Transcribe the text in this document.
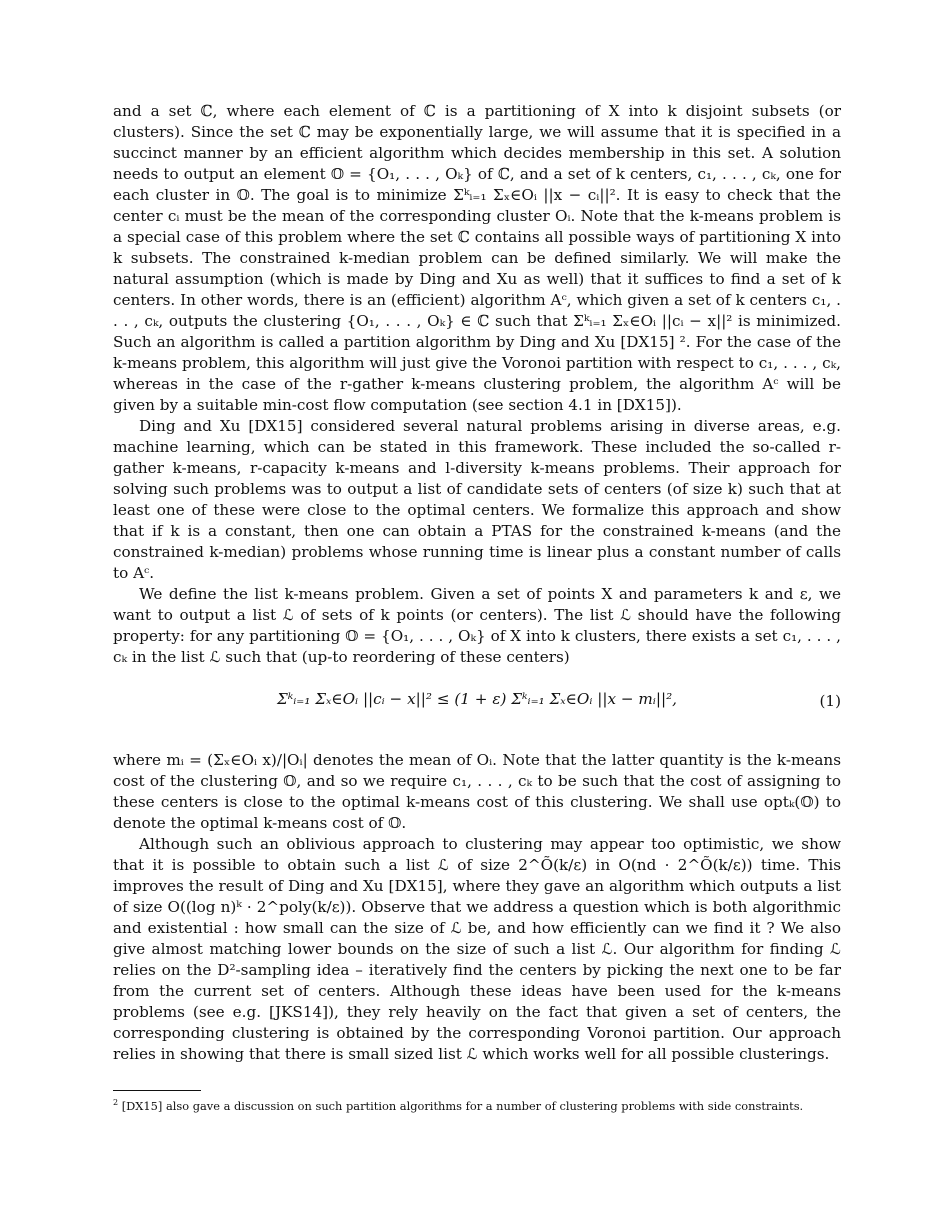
and a set ℂ, where each element of ℂ is a partitioning of X into k disjoint subsets (or clusters). Since the set ℂ may be exponentially large, we will assume that it is specified in a succinct manner by an efficient algorithm which decides membership in this set. A solution needs to output an element 𝕆 = {O₁, . . . , Oₖ} of ℂ, and a set of k centers, c₁, . . . , cₖ, one for each cluster in 𝕆. The goal is to minimize Σᵏᵢ₌₁ Σₓ∈Oᵢ ||x − cᵢ||². It is easy to check that the center cᵢ must be the mean of the corresponding cluster Oᵢ. Note that the k-means problem is a special case of this problem where the set ℂ contains all possible ways of partitioning X into k subsets. The constrained k-median problem can be defined similarly. We will make the natural assumption (which is made by Ding and Xu as well) that it suffices to find a set of k centers. In other words, there is an (efficient) algorithm Aᶜ, which given a set of k centers c₁, . . . , cₖ, outputs the clustering {O₁, . . . , Oₖ} ∈ ℂ such that Σᵏᵢ₌₁ Σₓ∈Oᵢ ||cᵢ − x||² is minimized. Such an algorithm is called a partition algorithm by Ding and Xu [DX15] ². For the case of the k-means problem, this algorithm will just give the Voronoi partition with respect to c₁, . . . , cₖ, whereas in the case of the r-gather k-means clustering problem, the algorithm Aᶜ will be given by a suitable min-cost flow computation (see section 4.1 in [DX15]).

Ding and Xu [DX15] considered several natural problems arising in diverse areas, e.g. machine learning, which can be stated in this framework. These included the so-called r-gather k-means, r-capacity k-means and l-diversity k-means problems. Their approach for solving such problems was to output a list of candidate sets of centers (of size k) such that at least one of these were close to the optimal centers. We formalize this approach and show that if k is a constant, then one can obtain a PTAS for the constrained k-means (and the constrained k-median) problems whose running time is linear plus a constant number of calls to Aᶜ.

We define the list k-means problem. Given a set of points X and parameters k and ε, we want to output a list ℒ of sets of k points (or centers). The list ℒ should have the following property: for any partitioning 𝕆 = {O₁, . . . , Oₖ} of X into k clusters, there exists a set c₁, . . . , cₖ in the list ℒ such that (up-to reordering of these centers)

Σᵏᵢ₌₁ Σₓ∈Oᵢ ||cᵢ − x||² ≤ (1 + ε) Σᵏᵢ₌₁ Σₓ∈Oᵢ ||x − mᵢ||²,	(1)

where mᵢ = (Σₓ∈Oᵢ x)/|Oᵢ| denotes the mean of Oᵢ. Note that the latter quantity is the k-means cost of the clustering 𝕆, and so we require c₁, . . . , cₖ to be such that the cost of assigning to these centers is close to the optimal k-means cost of this clustering. We shall use optₖ(𝕆) to denote the optimal k-means cost of 𝕆.

Although such an oblivious approach to clustering may appear too optimistic, we show that it is possible to obtain such a list ℒ of size 2^Õ(k/ε) in O(nd · 2^Õ(k/ε)) time. This improves the result of Ding and Xu [DX15], where they gave an algorithm which outputs a list of size O((log n)ᵏ · 2^poly(k/ε)). Observe that we address a question which is both algorithmic and existential : how small can the size of ℒ be, and how efficiently can we find it ? We also give almost matching lower bounds on the size of such a list ℒ. Our algorithm for finding ℒ relies on the D²-sampling idea – iteratively find the centers by picking the next one to be far from the current set of centers. Although these ideas have been used for the k-means problems (see e.g. [JKS14]), they rely heavily on the fact that given a set of centers, the corresponding clustering is obtained by the corresponding Voronoi partition. Our approach relies in showing that there is small sized list ℒ which works well for all possible clusterings.

$^2$ [DX15] also gave a discussion on such partition algorithms for a number of clustering problems with side constraints.
